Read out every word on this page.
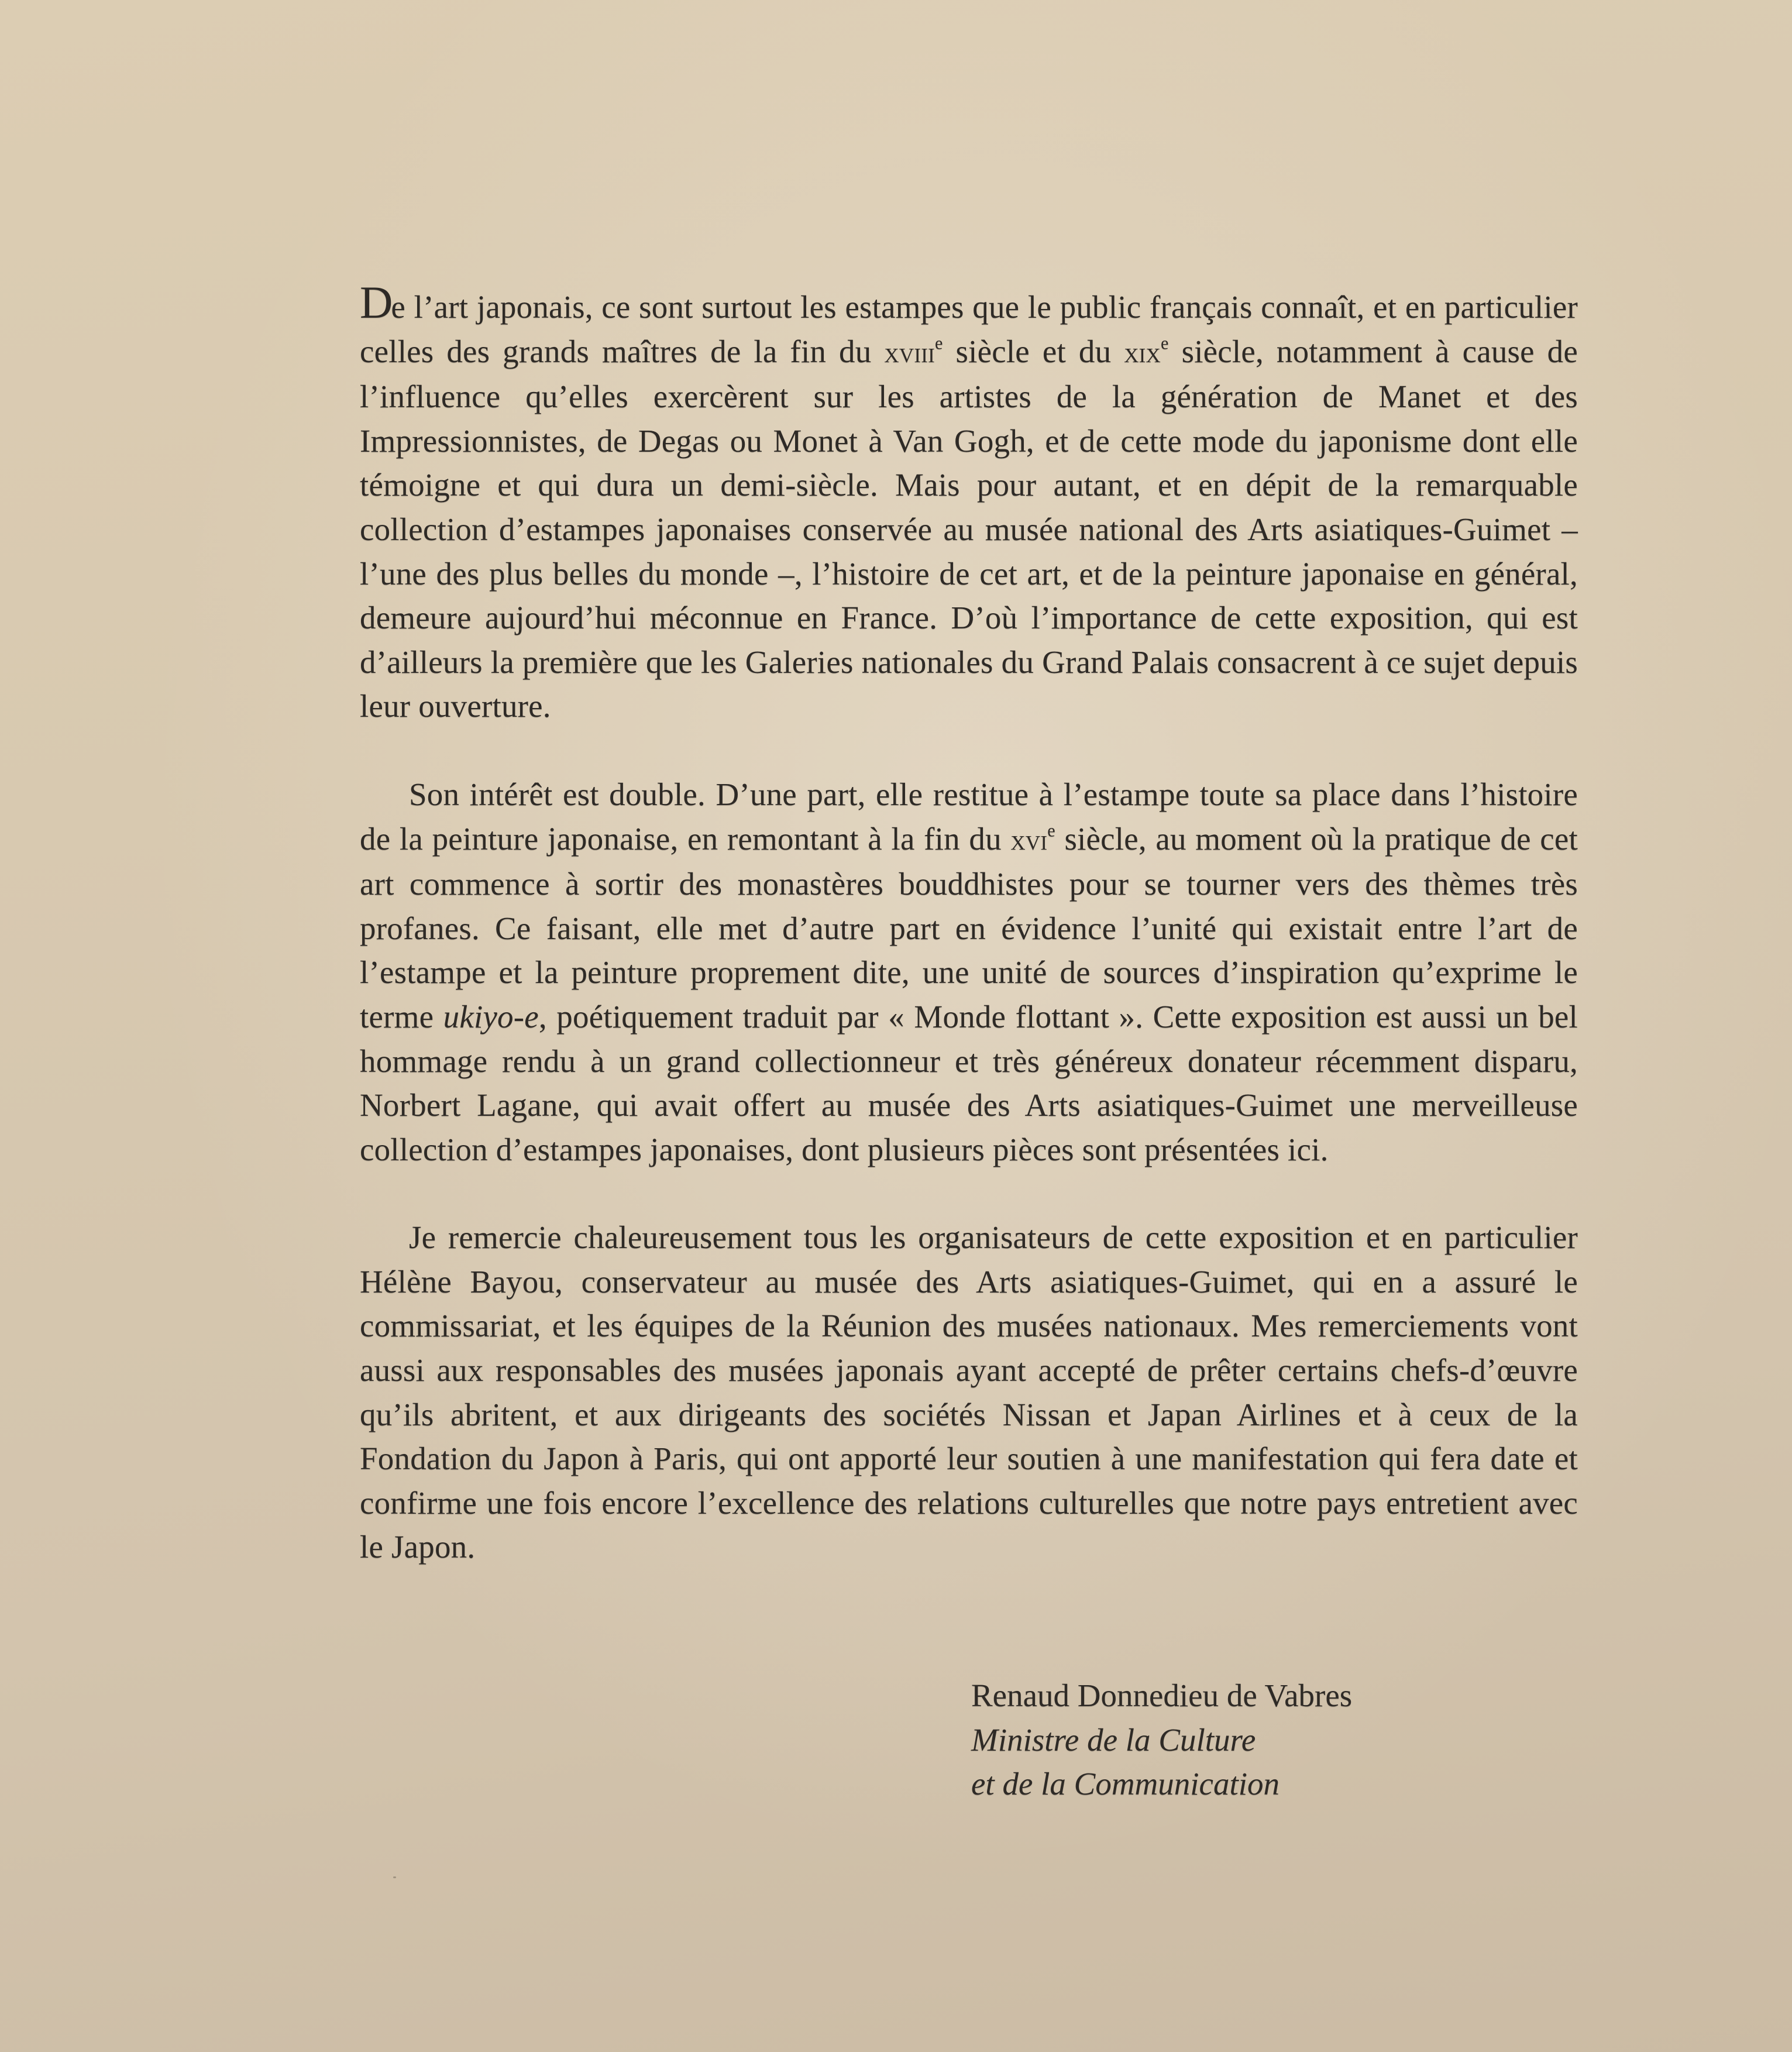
De l’art japonais, ce sont surtout les estampes que le public français connaît, et en particulier celles des grands maîtres de la fin du xviii$^e$ siècle et du xix$^e$ siècle, notamment à cause de l’influence qu’elles exercèrent sur les artistes de la génération de Manet et des Impressionnistes, de Degas ou Monet à Van Gogh, et de cette mode du japonisme dont elle témoigne et qui dura un demi-siècle. Mais pour autant, et en dépit de la remarquable collection d’estampes japonaises conservée au musée national des Arts asiatiques-Guimet – l’une des plus belles du monde –, l’histoire de cet art, et de la peinture japonaise en général, demeure aujourd’hui méconnue en France. D’où l’importance de cette exposition, qui est d’ailleurs la première que les Galeries nationales du Grand Palais consacrent à ce sujet depuis leur ouverture.

Son intérêt est double. D’une part, elle restitue à l’estampe toute sa place dans l’histoire de la peinture japonaise, en remontant à la fin du xvi$^e$ siècle, au moment où la pratique de cet art commence à sortir des monastères bouddhistes pour se tourner vers des thèmes très profanes. Ce faisant, elle met d’autre part en évidence l’unité qui existait entre l’art de l’estampe et la peinture proprement dite, une unité de sources d’inspiration qu’exprime le terme ukiyo-e, poétiquement traduit par « Monde flottant ». Cette exposition est aussi un bel hommage rendu à un grand collectionneur et très généreux donateur récemment disparu, Norbert Lagane, qui avait offert au musée des Arts asiatiques-Guimet une merveilleuse collection d’estampes japonaises, dont plusieurs pièces sont présentées ici.

Je remercie chaleureusement tous les organisateurs de cette exposition et en particulier Hélène Bayou, conservateur au musée des Arts asiatiques-Guimet, qui en a assuré le commissariat, et les équipes de la Réunion des musées nationaux. Mes remerciements vont aussi aux responsables des musées japonais ayant accepté de prêter certains chefs-d’œuvre qu’ils abritent, et aux dirigeants des sociétés Nissan et Japan Airlines et à ceux de la Fondation du Japon à Paris, qui ont apporté leur soutien à une manifestation qui fera date et confirme une fois encore l’excellence des relations culturelles que notre pays entretient avec le Japon.

Renaud Donnedieu de Vabres
Ministre de la Culture
et de la Communication
